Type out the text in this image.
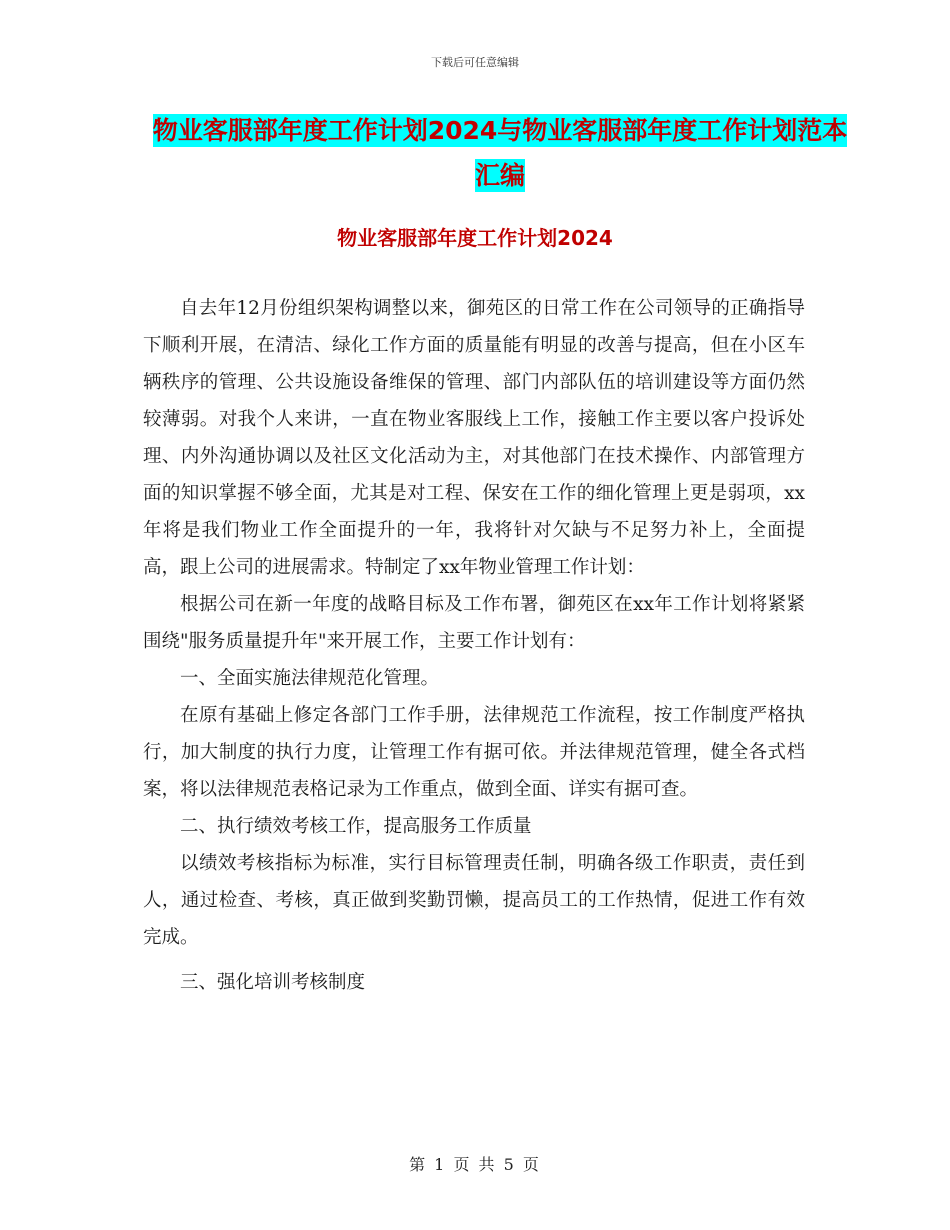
下载后可任意编辑
物业客服部年度工作计划2024与物业客服部年度工作计划范本汇编
物业客服部年度工作计划2024

自去年12月份组织架构调整以来，御苑区的日常工作在公司领导的正确指导下顺利开展，在清洁、绿化工作方面的质量能有明显的改善与提高，但在小区车辆秩序的管理、公共设施设备维保的管理、部门内部队伍的培训建设等方面仍然较薄弱。对我个人来讲，一直在物业客服线上工作，接触工作主要以客户投诉处理、内外沟通协调以及社区文化活动为主，对其他部门在技术操作、内部管理方面的知识掌握不够全面，尤其是对工程、保安在工作的细化管理上更是弱项，xx年将是我们物业工作全面提升的一年，我将针对欠缺与不足努力补上，全面提高，跟上公司的进展需求。特制定了xx年物业管理工作计划：

根据公司在新一年度的战略目标及工作布署，御苑区在xx年工作计划将紧紧围绕"服务质量提升年"来开展工作，主要工作计划有：

一、全面实施法律规范化管理。

在原有基础上修定各部门工作手册，法律规范工作流程，按工作制度严格执行，加大制度的执行力度，让管理工作有据可依。并法律规范管理，健全各式档案，将以法律规范表格记录为工作重点，做到全面、详实有据可查。

二、执行绩效考核工作，提高服务工作质量

以绩效考核指标为标准，实行目标管理责任制，明确各级工作职责，责任到人，通过检查、考核，真正做到奖勤罚懒，提高员工的工作热情，促进工作有效完成。

三、强化培训考核制度

第 1 页 共 5 页
